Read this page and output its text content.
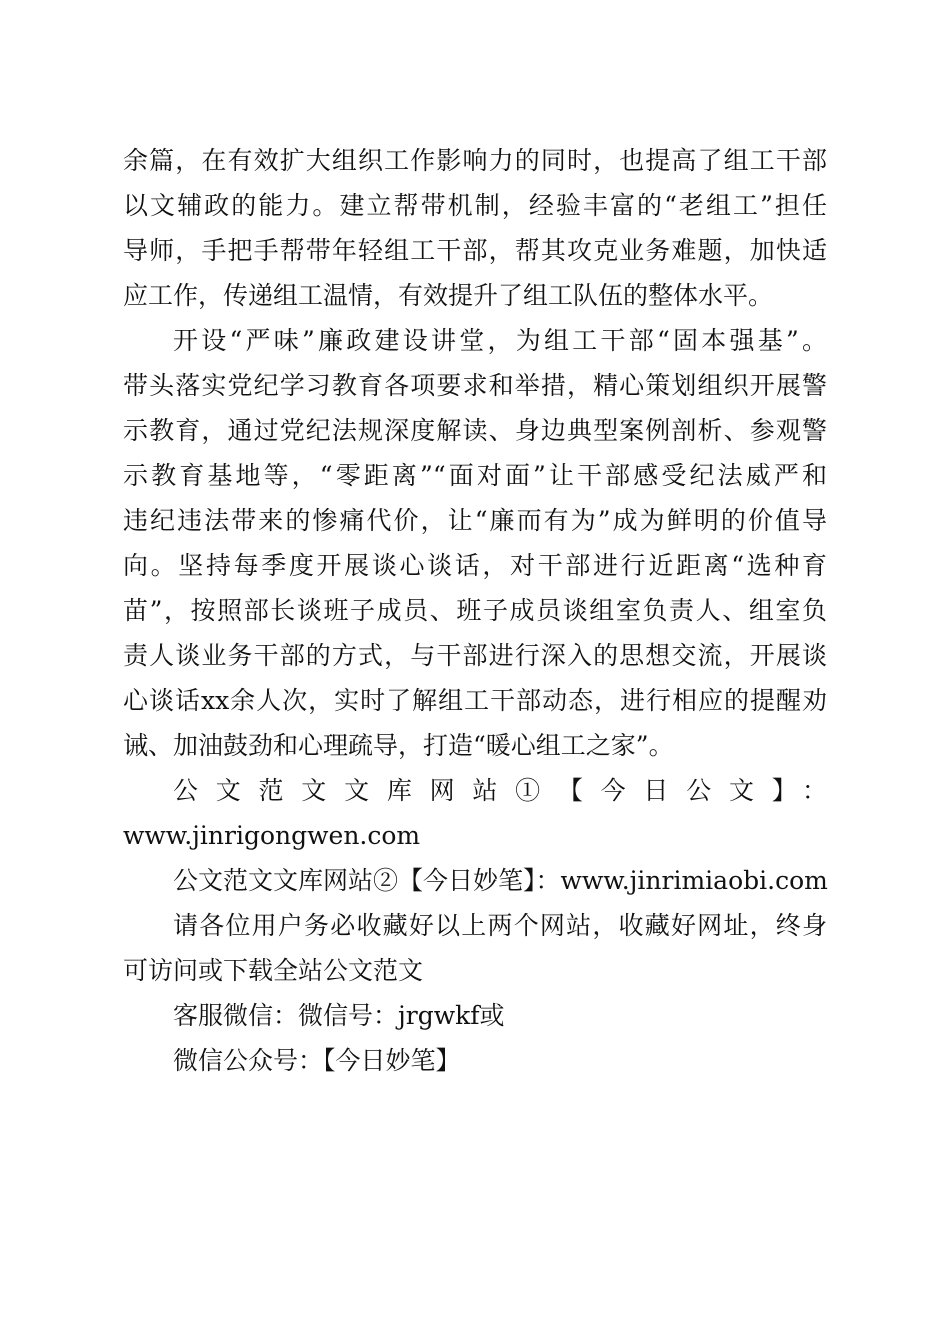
余篇，在有效扩大组织工作影响力的同时，也提高了组工干部
以文辅政的能力。建立帮带机制，经验丰富的“老组工”担任
导师，手把手帮带年轻组工干部，帮其攻克业务难题，加快适
应工作，传递组工温情，有效提升了组工队伍的整体水平。
开设“严味”廉政建设讲堂，为组工干部“固本强基”。
带头落实党纪学习教育各项要求和举措，精心策划组织开展警
示教育，通过党纪法规深度解读、身边典型案例剖析、参观警
示教育基地等，“零距离”“面对面”让干部感受纪法威严和
违纪违法带来的惨痛代价，让“廉而有为”成为鲜明的价值导
向。坚持每季度开展谈心谈话，对干部进行近距离“选种育
苗”，按照部长谈班子成员、班子成员谈组室负责人、组室负
责人谈业务干部的方式，与干部进行深入的思想交流，开展谈
心谈话xx余人次，实时了解组工干部动态，进行相应的提醒劝
诫、加油鼓劲和心理疏导，打造“暖心组工之家”。
公文范文文库网站①【今日公文】：
www.jinrigongwen.com
公文范文文库网站②【今日妙笔】：www.jinrimiaobi.com
请各位用户务必收藏好以上两个网站，收藏好网址，终身
可访问或下载全站公文范文
客服微信：微信号：jrgwkf或
微信公众号：【今日妙笔】
